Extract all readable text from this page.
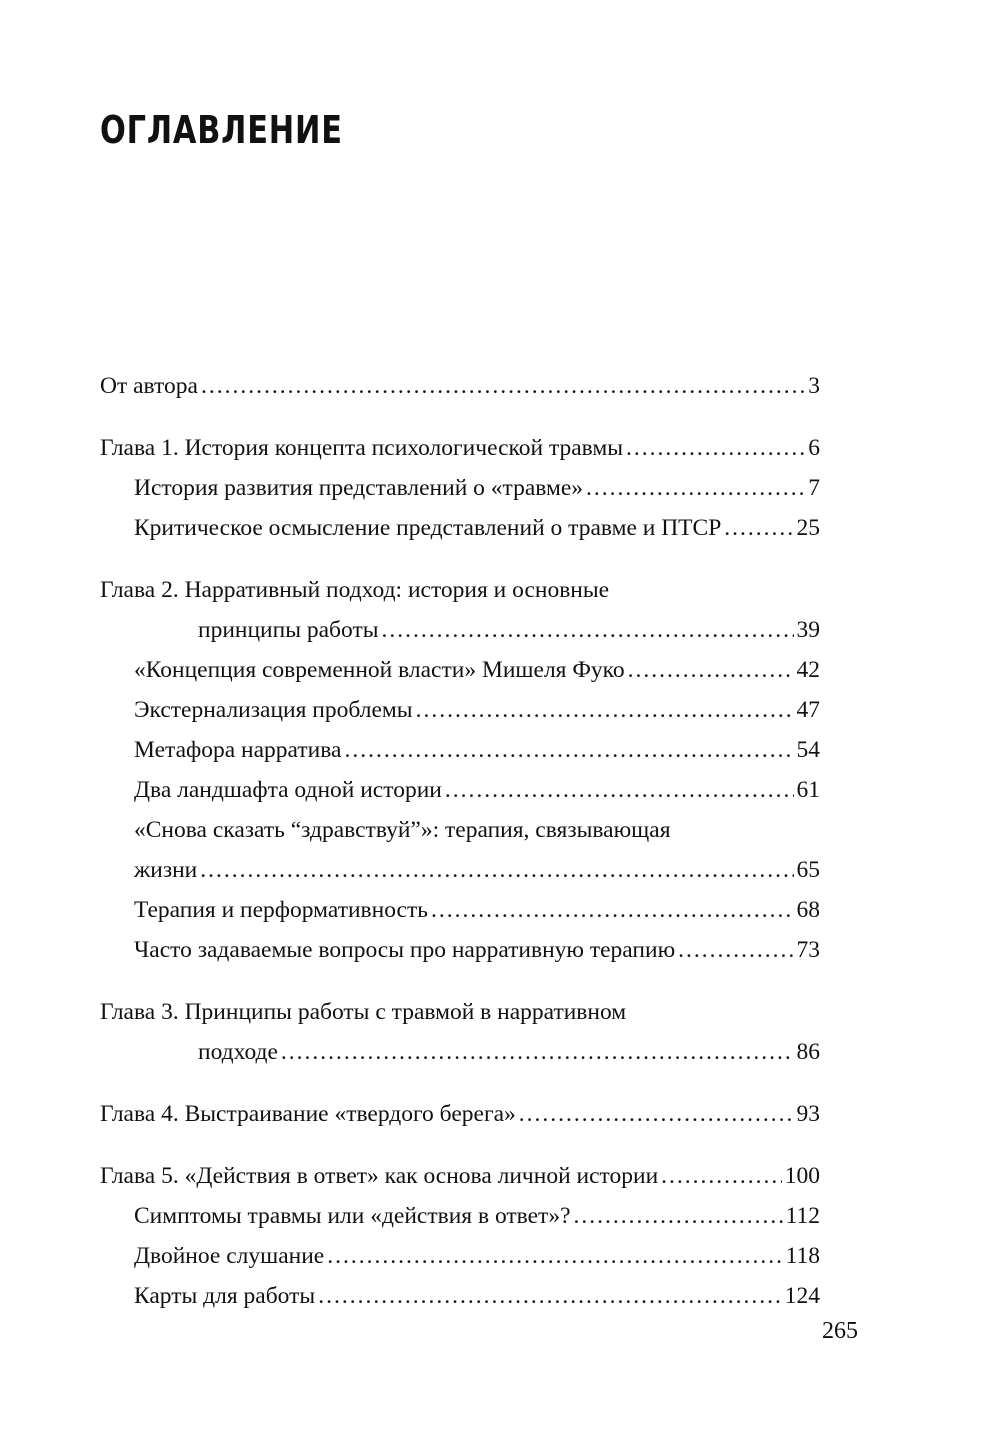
ОГЛАВЛЕНИЕ
От автора .....	3
Глава 1. История концепта психологической травмы .....	6
История развития представлений о «травме» .....	7
Критическое осмысление представлений о травме и ПТСР .....	25
Глава 2. Нарративный подход: история и основные
принципы работы .....	39
«Концепция современной власти» Мишеля Фуко .....	42
Экстернализация проблемы .....	47
Метафора нарратива .....	54
Два ландшафта одной истории .....	61
«Снова сказать “здравствуй”»: терапия, связывающая
жизни .....	65
Терапия и перформативность .....	68
Часто задаваемые вопросы про нарративную терапию .....	73
Глава 3. Принципы работы с травмой в нарративном
подходе .....	86
Глава 4. Выстраивание «твердого берега» .....	93
Глава 5. «Действия в ответ» как основа личной истории .....	100
Симптомы травмы или «действия в ответ»? .....	112
Двойное слушание .....	118
Карты для работы .....	124
265
